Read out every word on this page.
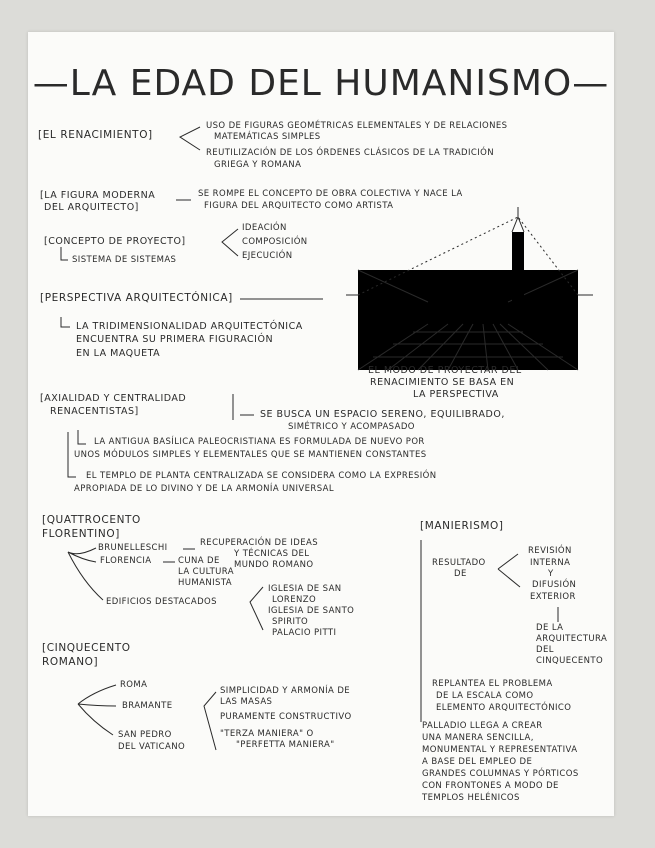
—LA EDAD DEL HUMANISMO—
[EL RENACIMIENTO]
USO DE FIGURAS GEOMÉTRICAS ELEMENTALES Y DE RELACIONES
MATEMÁTICAS SIMPLES
REUTILIZACIÓN DE LOS ÓRDENES CLÁSICOS DE LA TRADICIÓN
GRIEGA Y ROMANA
[LA FIGURA MODERNA
DEL ARQUITECTO]
SE ROMPE EL CONCEPTO DE OBRA COLECTIVA Y NACE LA
FIGURA DEL ARQUITECTO COMO ARTISTA
[CONCEPTO DE PROYECTO]
SISTEMA DE SISTEMAS
IDEACIÓN
COMPOSICIÓN
EJECUCIÓN
[PERSPECTIVA ARQUITECTÓNICA]
LA TRIDIMENSIONALIDAD ARQUITECTÓNICA
ENCUENTRA SU PRIMERA FIGURACIÓN
EN LA MAQUETA
EL MODO DE PROYECTAR DEL
RENACIMIENTO SE BASA EN
LA PERSPECTIVA
[AXIALIDAD Y CENTRALIDAD
RENACENTISTAS]	SE BUSCA UN ESPACIO SERENO, EQUILIBRADO,
SIMÉTRICO Y ACOMPASADO
LA ANTIGUA BASÍLICA PALEOCRISTIANA ES FORMULADA DE NUEVO POR
UNOS MÓDULOS SIMPLES Y ELEMENTALES QUE SE MANTIENEN CONSTANTES
EL TEMPLO DE PLANTA CENTRALIZADA SE CONSIDERA COMO LA EXPRESIÓN
APROPIADA DE LO DIVINO Y DE LA ARMONÍA UNIVERSAL
[QUATTROCENTO
FLORENTINO]
BRUNELLESCHI	RECUPERACIÓN DE IDEAS
Y TÉCNICAS DEL
MUNDO ROMANO
FLORENCIA	CUNA DE
LA CULTURA
HUMANISTA
EDIFICIOS DESTACADOS
IGLESIA DE SAN
LORENZO
IGLESIA DE SANTO
SPIRITO
PALACIO PITTI
[CINQUECENTO
ROMANO]
ROMA
BRAMANTE
SIMPLICIDAD Y ARMONÍA DE
LAS MASAS
PURAMENTE CONSTRUCTIVO
"TERZA MANIERA" O
"PERFETTA MANIERA"
SAN PEDRO
DEL VATICANO
[MANIERISMO]
RESULTADO
DE
REVISIÓN
INTERNA
Y
DIFUSIÓN
EXTERIOR
DE LA
ARQUITECTURA
DEL
CINQUECENTO
REPLANTEA EL PROBLEMA
DE LA ESCALA COMO
ELEMENTO ARQUITECTÓNICO
PALLADIO LLEGA A CREAR
UNA MANERA SENCILLA,
MONUMENTAL Y REPRESENTATIVA
A BASE DEL EMPLEO DE
GRANDES COLUMNAS Y PÓRTICOS
CON FRONTONES A MODO DE
TEMPLOS HELÉNICOS
